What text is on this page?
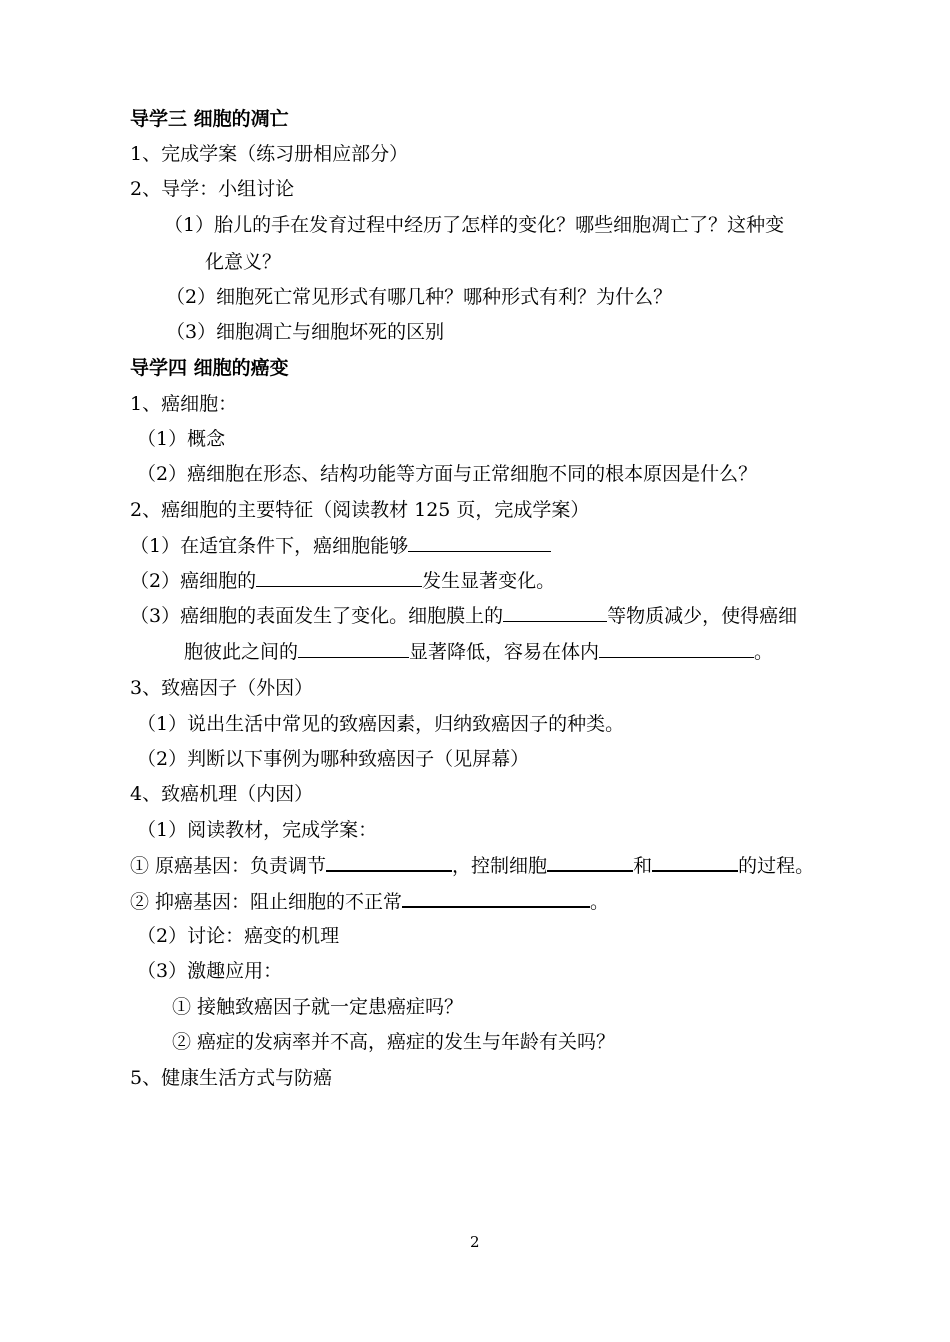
导学三 细胞的凋亡
1、完成学案（练习册相应部分）
2、导学：小组讨论
（1）胎儿的手在发育过程中经历了怎样的变化？哪些细胞凋亡了？这种变
化意义？
（2）细胞死亡常见形式有哪几种？哪种形式有利？为什么？
（3）细胞凋亡与细胞坏死的区别
导学四 细胞的癌变
1、癌细胞：
（1）概念
（2）癌细胞在形态、结构功能等方面与正常细胞不同的根本原因是什么？
2、癌细胞的主要特征（阅读教材 125 页，完成学案）
（1）在适宜条件下，癌细胞能够
（2）癌细胞的	发生显著变化。
（3）癌细胞的表面发生了变化。细胞膜上的	等物质减少，使得癌细
胞彼此之间的	显著降低，容易在体内	。
3、致癌因子（外因）
（1）说出生活中常见的致癌因素，归纳致癌因子的种类。
（2）判断以下事例为哪种致癌因子（见屏幕）
4、致癌机理（内因）
（1）阅读教材，完成学案：
① 原癌基因：负责调节	，控制细胞	和	的过程。
② 抑癌基因：阻止细胞的不正常	。
（2）讨论：癌变的机理
（3）激趣应用：
① 接触致癌因子就一定患癌症吗？
② 癌症的发病率并不高，癌症的发生与年龄有关吗？
5、健康生活方式与防癌
2
